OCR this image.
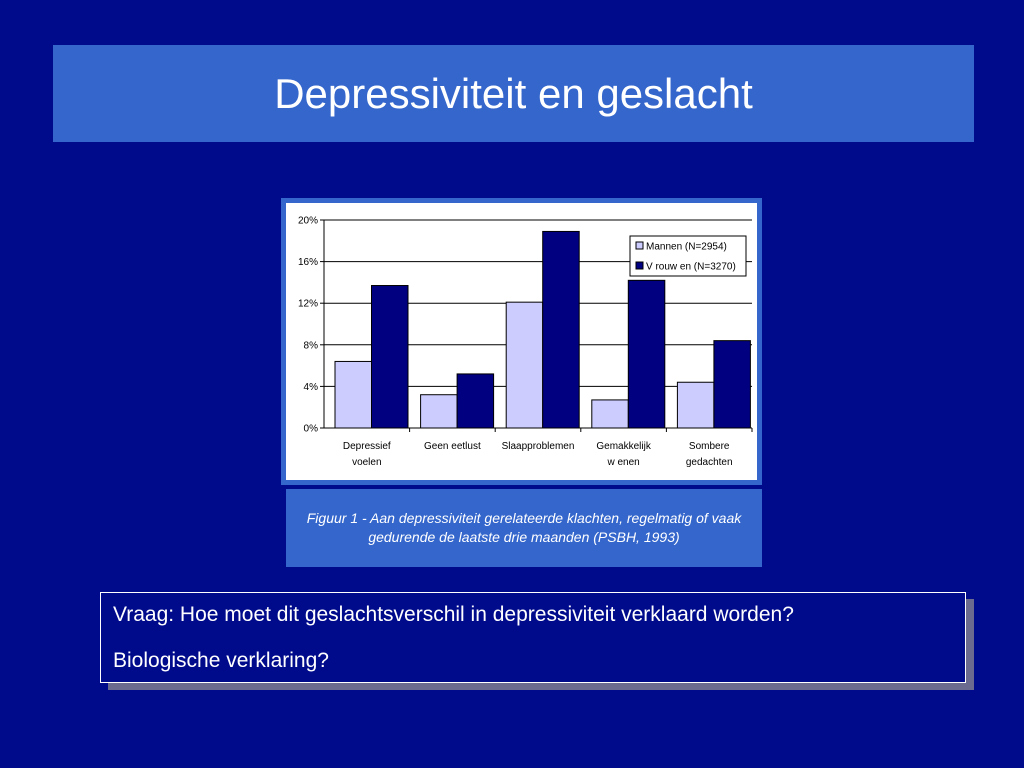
Depressiviteit en geslacht
0%
4%
8%
12%
16%
20%
Depressief
voelen
Geen eetlust Slaapproblemen Gemakkelijk
w enen
Sombere
gedachten
Mannen (N=2954)
V rouw en (N=3270)
Figuur 1 - Aan depressiviteit gerelateerde klachten, regelmatig of vaak gedurende de laatste drie maanden (PSBH, 1993)
Vraag: Hoe moet dit geslachtsverschil in depressiviteit verklaard worden?
Biologische verklaring?
